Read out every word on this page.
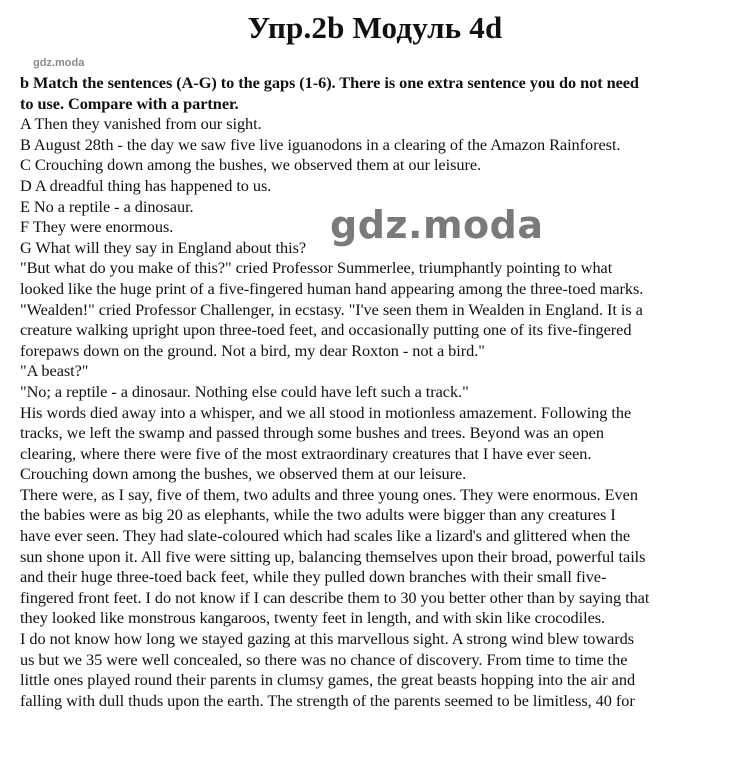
Упр.2b Модуль 4d
gdz.moda
b Match the sentences (A-G) to the gaps (1-6). There is one extra sentence you do not need
to use. Compare with a partner.
A Then they vanished from our sight.
B August 28th - the day we saw five live iguanodons in a clearing of the Amazon Rainforest.
C Crouching down among the bushes, we observed them at our leisure.
D A dreadful thing has happened to us.
E No a reptile - a dinosaur.
F They were enormous.
G What will they say in England about this?
"But what do you make of this?" cried Professor Summerlee, triumphantly pointing to what
looked like the huge print of a five-fingered human hand appearing among the three-toed marks.
"Wealden!" cried Professor Challenger, in ecstasy. "I've seen them in Wealden in England. It is a
creature walking upright upon three-toed feet, and occasionally putting one of its five-fingered
forepaws down on the ground. Not a bird, my dear Roxton - not a bird."
"A beast?"
"No; a reptile - a dinosaur. Nothing else could have left such a track."
His words died away into a whisper, and we all stood in motionless amazement. Following the
tracks, we left the swamp and passed through some bushes and trees. Beyond was an open
clearing, where there were five of the most extraordinary creatures that I have ever seen.
Crouching down among the bushes, we observed them at our leisure.
There were, as I say, five of them, two adults and three young ones. They were enormous. Even
the babies were as big 20 as elephants, while the two adults were bigger than any creatures I
have ever seen. They had slate-coloured which had scales like a lizard's and glittered when the
sun shone upon it. All five were sitting up, balancing themselves upon their broad, powerful tails
and their huge three-toed back feet, while they pulled down branches with their small five-
fingered front feet. I do not know if I can describe them to 30 you better other than by saying that
they looked like monstrous kangaroos, twenty feet in length, and with skin like crocodiles.
I do not know how long we stayed gazing at this marvellous sight. A strong wind blew towards
us but we 35 were well concealed, so there was no chance of discovery. From time to time the
little ones played round their parents in clumsy games, the great beasts hopping into the air and
falling with dull thuds upon the earth. The strength of the parents seemed to be limitless, 40 for
gdz.moda
